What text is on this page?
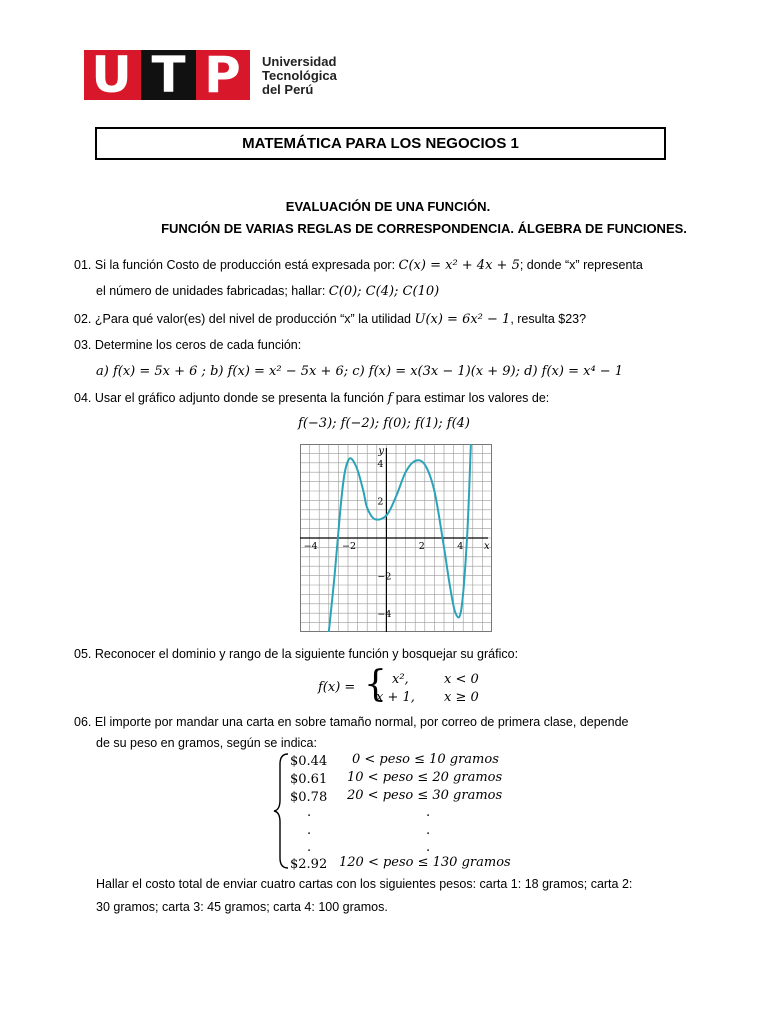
U T P	Universidad
Tecnológica
del Perú
MATEMÁTICA PARA LOS NEGOCIOS 1
EVALUACIÓN DE UNA FUNCIÓN.
FUNCIÓN DE VARIAS REGLAS DE CORRESPONDENCIA. ÁLGEBRA DE FUNCIONES.
01. Si la función Costo de producción está expresada por: C(x) = x² + 4x + 5; donde “x” representa
el número de unidades fabricadas; hallar: C(0); C(4); C(10)
02. ¿Para qué valor(es) del nivel de producción “x” la utilidad U(x) = 6x² − 1, resulta $23?
03. Determine los ceros de cada función:
a) f(x) = 5x + 6 ; b) f(x) = x² − 5x + 6; c) f(x) = x(3x − 1)(x + 9); d) f(x) = x⁴ − 1
04. Usar el gráfico adjunto donde se presenta la función f para estimar los valores de:
f(−3); f(−2); f(0); f(1); f(4)
−4	−2	2	4
4
2
−2
−4
x
y
05. Reconocer el dominio y rango de la siguiente función y bosquejar su gráfico:
f(x) = { x²,	x < 0
x + 1, x ≥ 0
06. El importe por mandar una carta en sobre tamaño normal, por correo de primera clase, depende
de su peso en gramos, según se indica:
$0.44 0 < peso ≤ 10 gramos
$0.61 10 < peso ≤ 20 gramos
$0.78 20 < peso ≤ 30 gramos
.	.
.	.
.	.
$2.92 120 < peso ≤ 130 gramos
Hallar el costo total de enviar cuatro cartas con los siguientes pesos: carta 1: 18 gramos; carta 2:
30 gramos; carta 3: 45 gramos; carta 4: 100 gramos.
